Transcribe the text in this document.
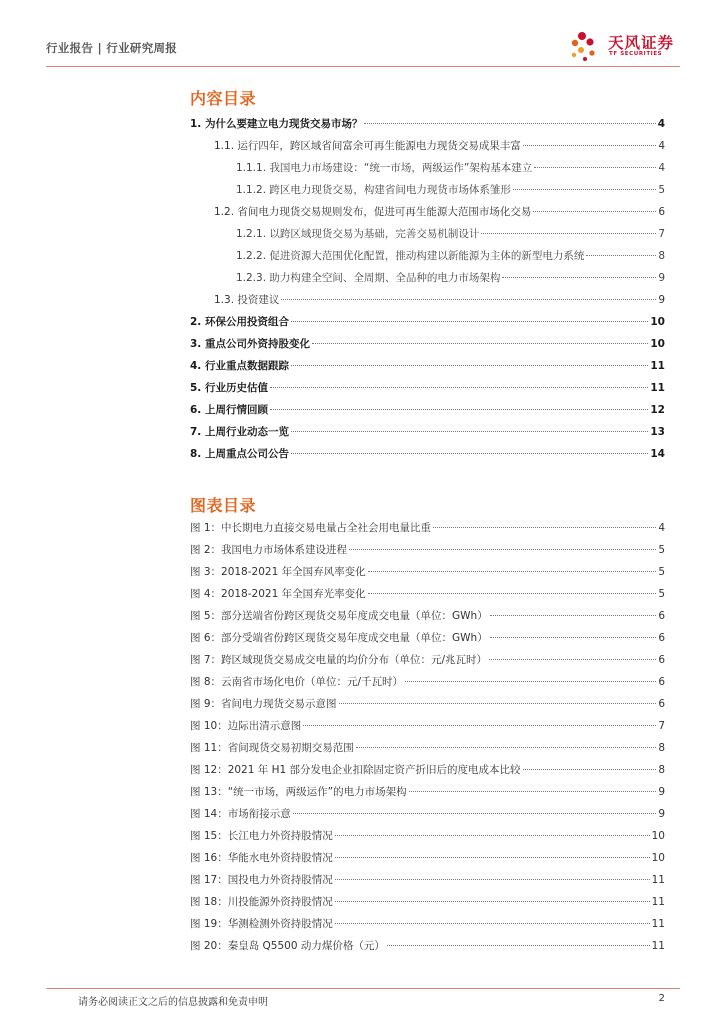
行业报告 | 行业研究周报	天风证券
TF SECURITIES
内容目录
1. 为什么要建立电力现货交易市场？	4
1.1. 运行四年，跨区域省间富余可再生能源电力现货交易成果丰富	4
1.1.1. 我国电力市场建设：“统一市场，两级运作”架构基本建立	4
1.1.2. 跨区电力现货交易，构建省间电力现货市场体系雏形	5
1.2. 省间电力现货交易规则发布，促进可再生能源大范围市场化交易	6
1.2.1. 以跨区域现货交易为基础，完善交易机制设计	7
1.2.2. 促进资源大范围优化配置，推动构建以新能源为主体的新型电力系统	8
1.2.3. 助力构建全空间、全周期、全品种的电力市场架构	9
1.3. 投资建议	9
2. 环保公用投资组合	10
3. 重点公司外资持股变化	10
4. 行业重点数据跟踪	11
5. 行业历史估值	11
6. 上周行情回顾	12
7. 上周行业动态一览	13
8. 上周重点公司公告	14
图表目录
图 1：中长期电力直接交易电量占全社会用电量比重	4
图 2：我国电力市场体系建设进程	5
图 3：2018-2021 年全国弃风率变化	5
图 4：2018-2021 年全国弃光率变化	5
图 5：部分送端省份跨区现货交易年度成交电量（单位：GWh）	6
图 6：部分受端省份跨区现货交易年度成交电量（单位：GWh）	6
图 7：跨区域现货交易成交电量的均价分布（单位：元/兆瓦时）	6
图 8：云南省市场化电价（单位：元/千瓦时）	6
图 9：省间电力现货交易示意图	6
图 10：边际出清示意图	7
图 11：省间现货交易初期交易范围	8
图 12：2021 年 H1 部分发电企业扣除固定资产折旧后的度电成本比较	8
图 13：“统一市场，两级运作”的电力市场架构	9
图 14：市场衔接示意	9
图 15：长江电力外资持股情况	10
图 16：华能水电外资持股情况	10
图 17：国投电力外资持股情况	11
图 18：川投能源外资持股情况	11
图 19：华测检测外资持股情况	11
图 20：秦皇岛 Q5500 动力煤价格（元）	11
请务必阅读正文之后的信息披露和免责申明	2
